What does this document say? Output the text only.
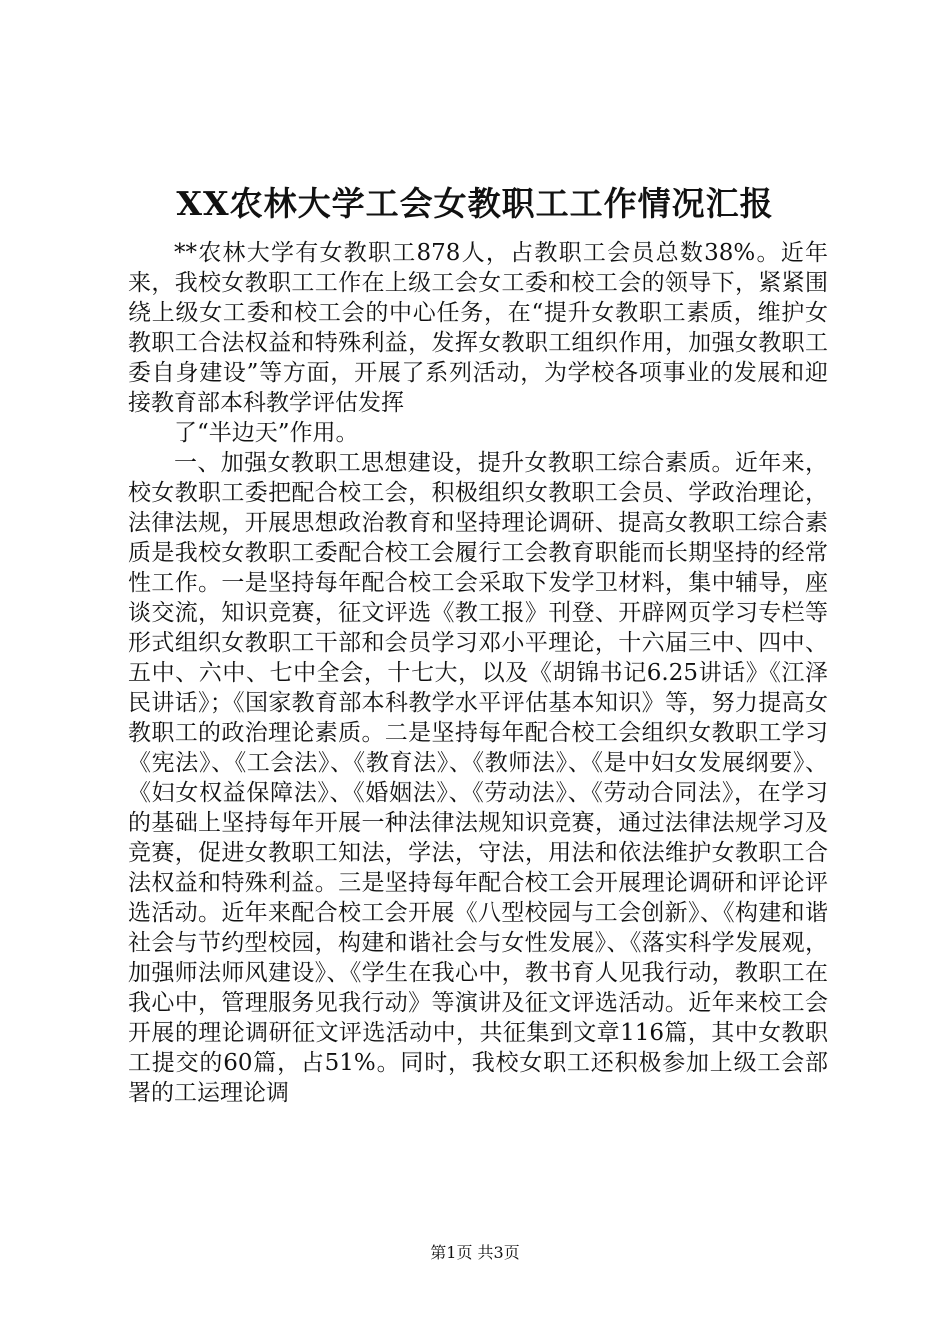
XX农林大学工会女教职工工作情况汇报

**农林大学有女教职工878人，占教职工会员总数38%。近年来，我校女教职工工作在上级工会女工委和校工会的领导下，紧紧围绕上级女工委和校工会的中心任务，在“提升女教职工素质，维护女教职工合法权益和特殊利益，发挥女教职工组织作用，加强女教职工委自身建设”等方面，开展了系列活动，为学校各项事业的发展和迎接教育部本科教学评估发挥

了“半边天”作用。

一、加强女教职工思想建设，提升女教职工综合素质。近年来，校女教职工委把配合校工会，积极组织女教职工会员、学政治理论，法律法规，开展思想政治教育和坚持理论调研、提高女教职工综合素质是我校女教职工委配合校工会履行工会教育职能而长期坚持的经常性工作。一是坚持每年配合校工会采取下发学卫材料，集中辅导，座谈交流，知识竞赛，征文评选《教工报》刊登、开辟网页学习专栏等形式组织女教职工干部和会员学习邓小平理论，十六届三中、四中、五中、六中、七中全会，十七大，以及《胡锦书记6.25讲话》《江泽民讲话》；《国家教育部本科教学水平评估基本知识》等，努力提高女教职工的政治理论素质。二是坚持每年配合校工会组织女教职工学习《宪法》、《工会法》、《教育法》、《教师法》、《是中妇女发展纲要》、《妇女权益保障法》、《婚姻法》、《劳动法》、《劳动合同法》，在学习的基础上坚持每年开展一种法律法规知识竞赛，通过法律法规学习及竞赛，促进女教职工知法，学法，守法，用法和依法维护女教职工合法权益和特殊利益。三是坚持每年配合校工会开展理论调研和评论评选活动。近年来配合校工会开展《八型校园与工会创新》、《构建和谐社会与节约型校园，构建和谐社会与女性发展》、《落实科学发展观，加强师法师风建设》、《学生在我心中，教书育人见我行动，教职工在我心中，管理服务见我行动》等演讲及征文评选活动。近年来校工会开展的理论调研征文评选活动中，共征集到文章116篇，其中女教职工提交的60篇，占51%。同时，我校女职工还积极参加上级工会部署的工运理论调

第1页 共3页
